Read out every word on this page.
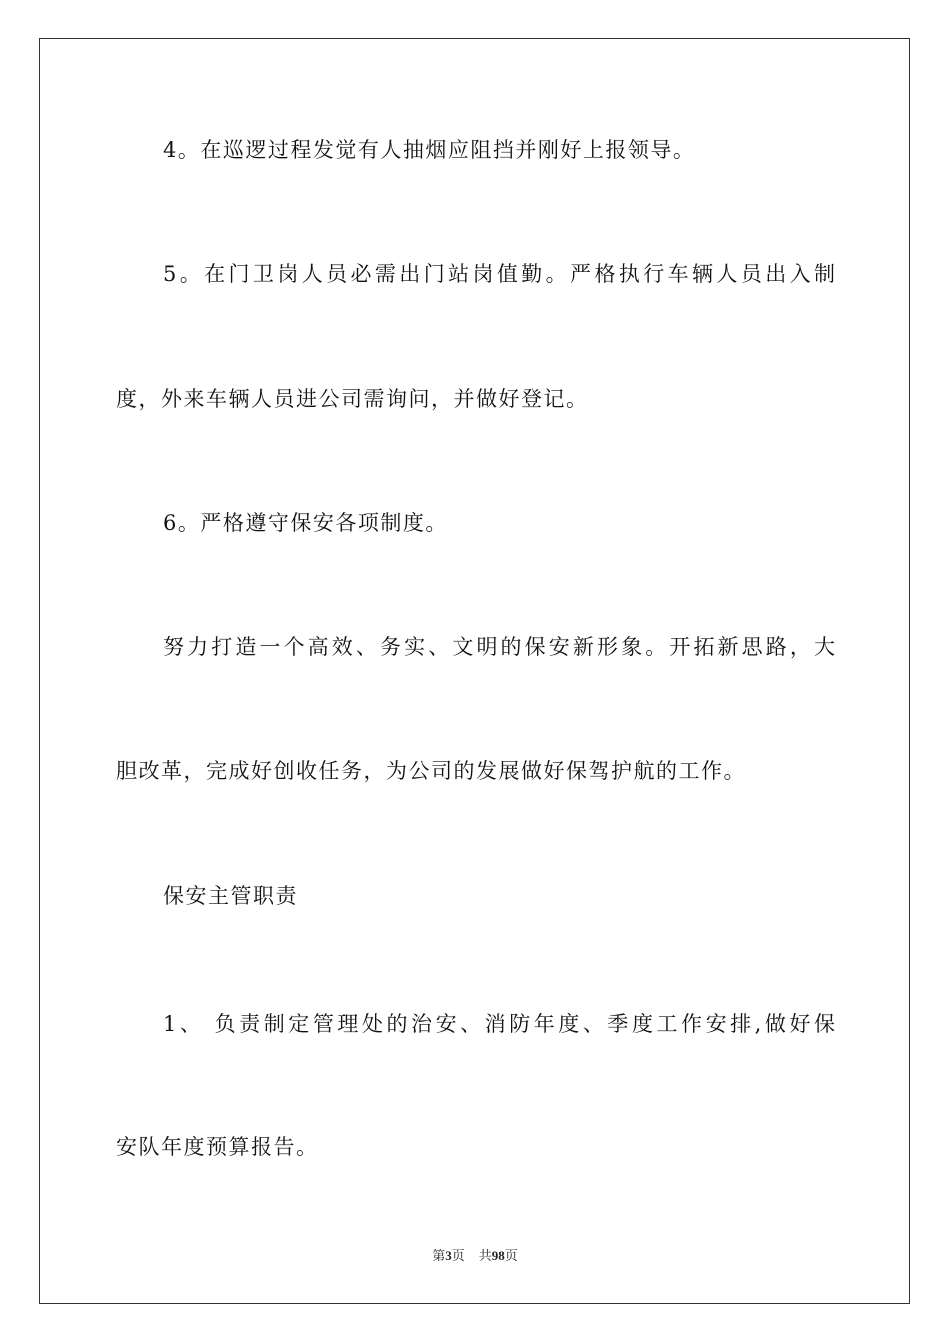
4。在巡逻过程发觉有人抽烟应阻挡并刚好上报领导。
5。在门卫岗人员必需出门站岗值勤。严格执行车辆人员出入制
度，外来车辆人员进公司需询问，并做好登记。
6。严格遵守保安各项制度。
努力打造一个高效、务实、文明的保安新形象。开拓新思路，大
胆改革，完成好创收任务，为公司的发展做好保驾护航的工作。
保安主管职责
1、 负责制定管理处的治安、消防年度、季度工作安排,做好保
安队年度预算报告。
第3页 共98页
